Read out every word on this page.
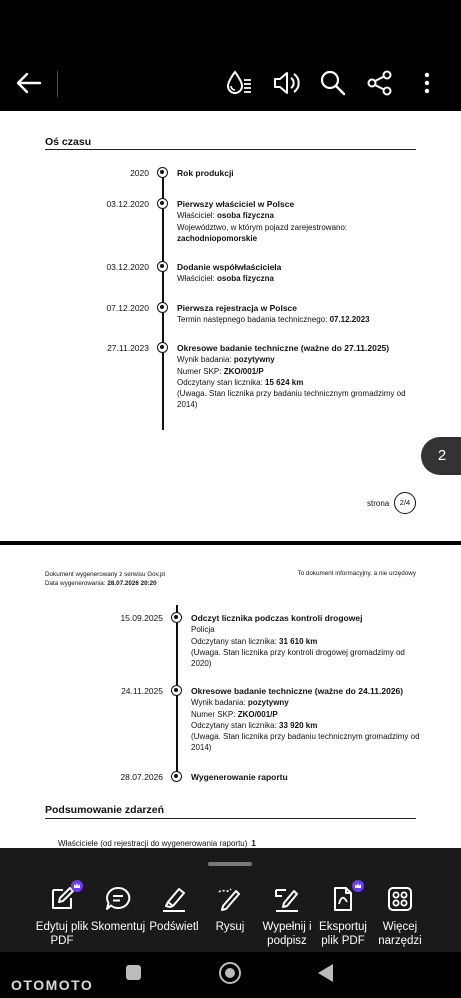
Oś czasu
2020	Rok produkcji
03.12.2020	Pierwszy właściciel w Polsce
Właściciel: osoba fizyczna
Województwo, w którym pojazd zarejestrowano:
zachodniopomorskie
03.12.2020	Dodanie współwłaściciela
Właściciel: osoba fizyczna
07.12.2020	Pierwsza rejestracja w Polsce
Termin następnego badania technicznego: 07.12.2023
27.11.2023	Okresowe badanie techniczne (ważne do 27.11.2025)
Wynik badania: pozytywny
Numer SKP: ZKO/001/P
Odczytany stan licznika: 15 624 km
(Uwaga. Stan licznika przy badaniu technicznym gromadzimy od
2014)
strona	2/4
2
Dokument wygenerowany z serwisu Gov.pl
Data wygenerowania: 28.07.2026 20:20
To dokument informacyjny, a nie urzędowy
15.09.2025	Odczyt licznika podczas kontroli drogowej
Policja
Odczytany stan licznika: 31 610 km
(Uwaga. Stan licznika przy kontroli drogowej gromadzimy od
2020)
24.11.2025	Okresowe badanie techniczne (ważne do 24.11.2026)
Wynik badania: pozytywny
Numer SKP: ZKO/001/P
Odczytany stan licznika: 33 920 km
(Uwaga. Stan licznika przy badaniu technicznym gromadzimy od
2014)
28.07.2026	Wygenerowanie raportu
Podsumowanie zdarzeń
Właściciele (od rejestracji do wygenerowania raportu) 1
Edytuj plik PDF
Skomentuj Podświetl	Rysuj	Wypełnij i podpisz
Eksportuj plik PDF
Więcej narzędzi
OTOMOTO
